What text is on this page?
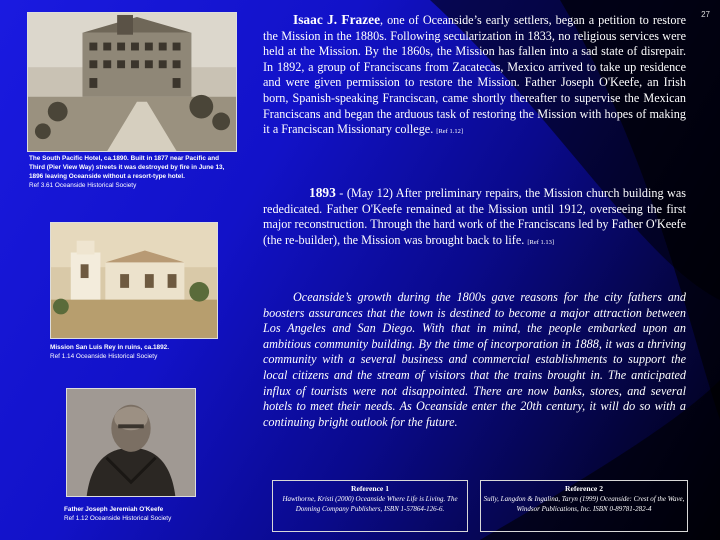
27
The South Pacific Hotel, ca.1890. Built in 1877 near Pacific and Third (Pier View Way) streets it was destroyed by fire in June 13, 1896 leaving Oceanside without a resort-type hotel.
Ref 3.61 Oceanside Historical Society
Mission San Luis Rey in ruins, ca.1892.
Ref 1.14 Oceanside Historical Society
Father Joseph Jeremiah O'Keefe
Ref 1.12 Oceanside Historical Society
Isaac J. Frazee, one of Oceanside’s early settlers, began a petition to restore the Mission in the 1880s. Following secularization in 1833, no religious services were held at the Mission. By the 1860s, the Mission has fallen into a sad state of disrepair. In 1892, a group of Franciscans from Zacatecas, Mexico arrived to take up residence and were given permission to restore the Mission. Father Joseph O'Keefe, an Irish born, Spanish-speaking Franciscan, came shortly thereafter to supervise the Mexican Franciscans and began the arduous task of restoring the Mission with hopes of making it a Franciscan Missionary college. [Ref 1.12]
1893 - (May 12) After preliminary repairs, the Mission church building was rededicated. Father O'Keefe remained at the Mission until 1912, overseeing the first major reconstruction. Through the hard work of the Franciscans led by Father O'Keefe (the re-builder), the Mission was brought back to life. [Ref 1.13]
Oceanside’s growth during the 1800s gave reasons for the city fathers and boosters assurances that the town is destined to become a major attraction between Los Angeles and San Diego. With that in mind, the people embarked upon an ambitious community building. By the time of incorporation in 1888, it was a thriving community with a several business and commercial establishments to support the local citizens and the stream of visitors that the trains brought in. The anticipated influx of tourists were not disappointed. There are now banks, stores, and several hotels to meet their needs. As Oceanside enter the 20th century, it will do so with a continuing bright outlook for the future.
Reference 1
Hawthorne, Kristi (2000) Oceanside Where Life is Living. The Donning Company Publishers, ISBN 1-57864-126-6.
Reference 2
Sully, Langdon & Ingalina, Taryn (1999) Oceanside: Crest of the Wave, Windsor Publications, Inc. ISBN 0-89781-282-4
